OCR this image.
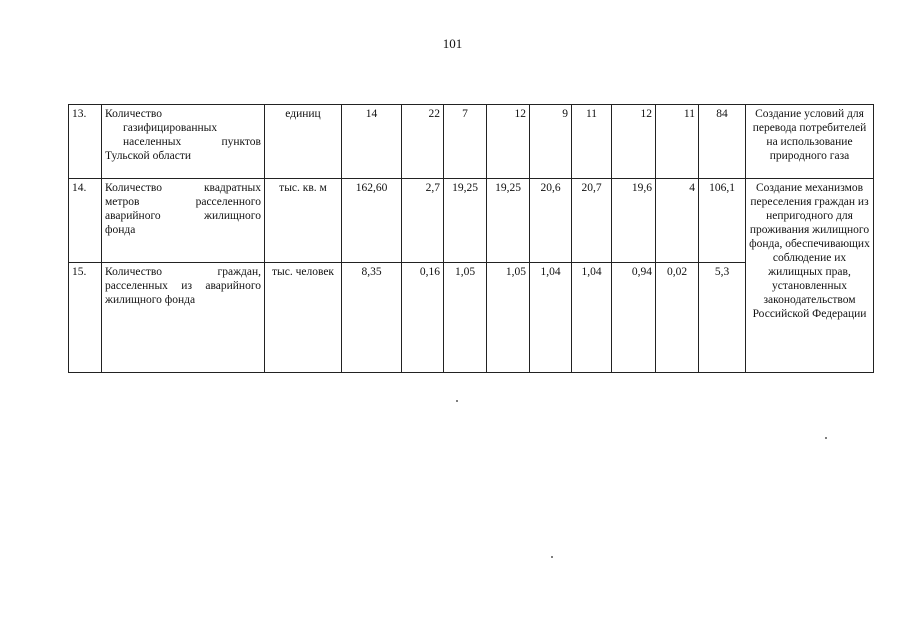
101
13.	Количество
газифицированных
населенных пунктов
Тульской области	единиц	14	22	7	12	9	11	12	11	84	Создание условий для перевода потребителей на использование природного газа
14.	Количество квадратных
метров расселенного
аварийного жилищного
фонда	тыс. кв. м	162,60	2,7	19,25	19,25	20,6	20,7	19,6	4	106,1	Создание механизмов переселения граждан из непригодного для проживания жилищного фонда, обеспечивающих соблюдение их жилищных прав, установленных законодательством Российской Федерации
15.	Количество граждан,
расселенных из аварийного
жилищного фонда	тыс. человек	8,35	0,16	1,05	1,05	1,04	1,04	0,94	0,02	5,3	
